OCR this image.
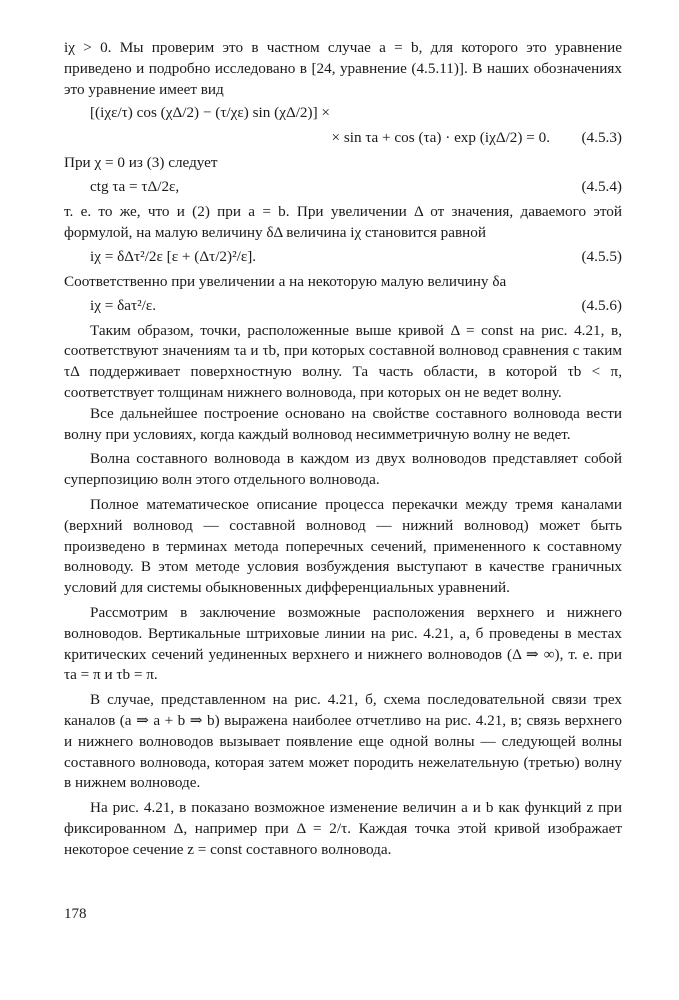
iχ > 0. Мы проверим это в частном случае a = b, для которого это уравнение приведено и подробно исследовано в [24, уравнение (4.5.11)]. В наших обозначениях это уравнение имеет вид

[(iχε/τ) cos (χΔ/2) − (τ/χε) sin (χΔ/2)] ×
× sin τa + cos (τa) · exp (iχΔ/2) = 0. (4.5.3)

При χ = 0 из (3) следует

ctg τa = τΔ/2ε,	(4.5.4)

т. е. то же, что и (2) при a = b. При увеличении Δ от значения, даваемого этой формулой, на малую величину δΔ величина iχ становится равной

iχ = δΔτ²/2ε [ε + (Δτ/2)²/ε].	(4.5.5)

Соответственно при увеличении a на некоторую малую величину δa

iχ = δaτ²/ε.	(4.5.6)

Таким образом, точки, расположенные выше кривой Δ = const на рис. 4.21, в, соответствуют значениям τa и τb, при которых составной волновод сравнения с таким τΔ поддерживает поверхностную волну. Та часть области, в которой τb < π, соответствует толщинам нижнего волновода, при которых он не ведет волну.

Все дальнейшее построение основано на свойстве составного волновода вести волну при условиях, когда каждый волновод несимметричную волну не ведет.

Волна составного волновода в каждом из двух волноводов представляет собой суперпозицию волн этого отдельного волновода.

Полное математическое описание процесса перекачки между тремя каналами (верхний волновод — составной волновод — нижний волновод) может быть произведено в терминах метода поперечных сечений, примененного к составному волноводу. В этом методе условия возбуждения выступают в качестве граничных условий для системы обыкновенных дифференциальных уравнений.

Рассмотрим в заключение возможные расположения верхнего и нижнего волноводов. Вертикальные штриховые линии на рис. 4.21, а, б проведены в местах критических сечений уединенных верхнего и нижнего волноводов (Δ ⇒ ∞), т. е. при τa = π и τb = π.

В случае, представленном на рис. 4.21, б, схема последовательной связи трех каналов (a ⇒ a + b ⇒ b) выражена наиболее отчетливо на рис. 4.21, в; связь верхнего и нижнего волноводов вызывает появление еще одной волны — следующей волны составного волновода, которая затем может породить нежелательную (третью) волну в нижнем волноводе.

На рис. 4.21, в показано возможное изменение величин a и b как функций z при фиксированном Δ, например при Δ = 2/τ. Каждая точка этой кривой изображает некоторое сечение z = const составного волновода.

178
